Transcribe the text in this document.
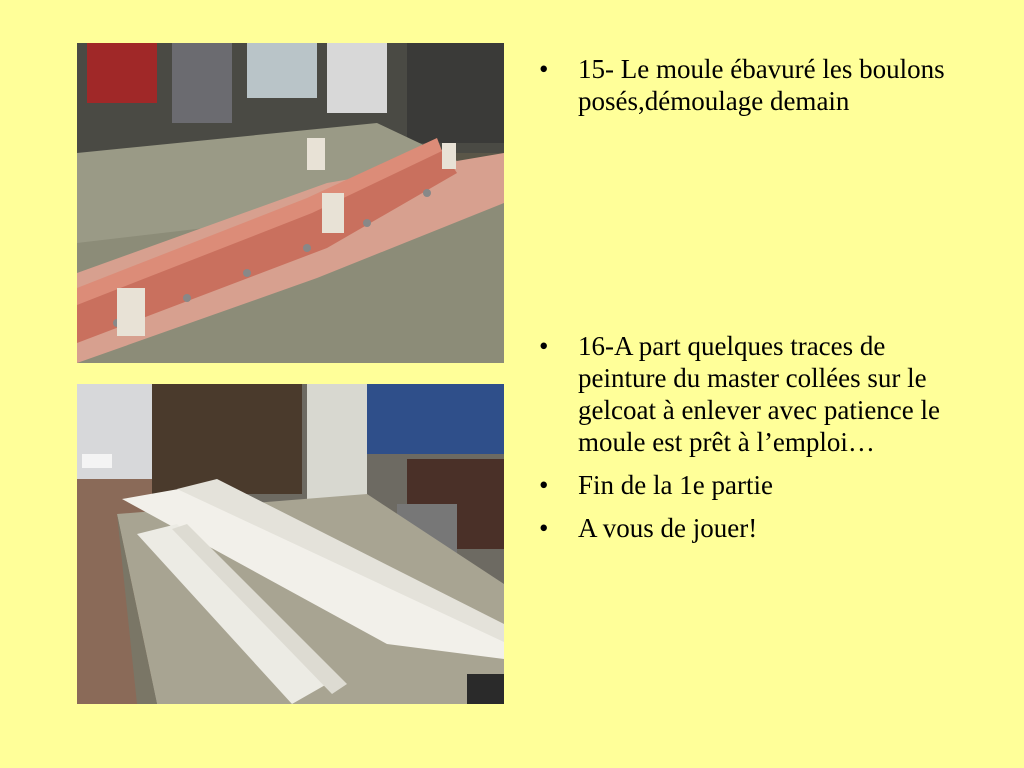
• 15- Le moule ébavuré les boulons posés,démoulage demain
• 16-A part quelques traces de peinture du master collées sur le gelcoat à enlever avec patience le moule est prêt à l’emploi…
• Fin de la 1e partie
• A vous de jouer!
